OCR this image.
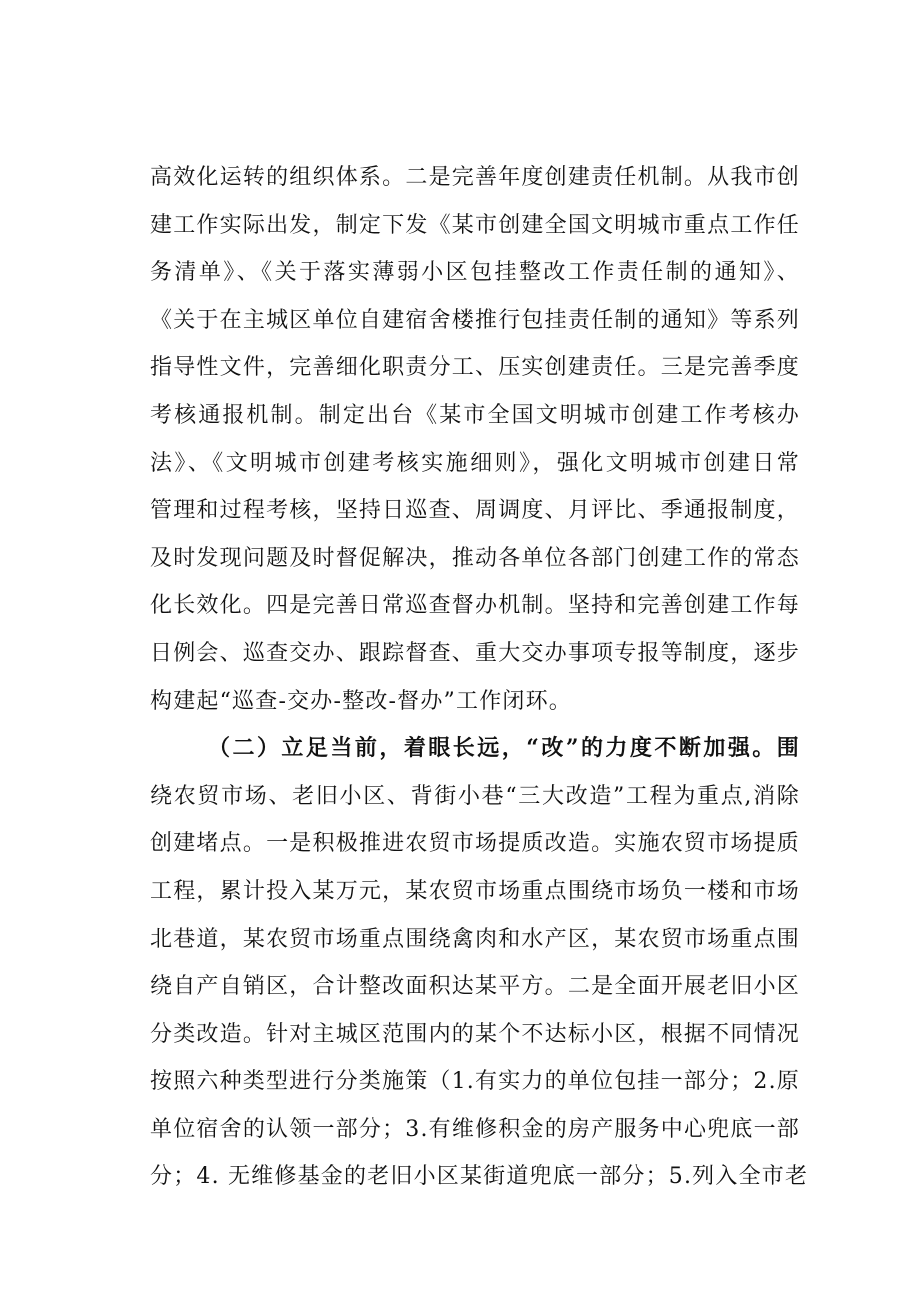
高效化运转的组织体系。二是完善年度创建责任机制。从我市创
建工作实际出发，制定下发《某市创建全国文明城市重点工作任
务清单》、《关于落实薄弱小区包挂整改工作责任制的通知》、
《关于在主城区单位自建宿舍楼推行包挂责任制的通知》等系列
指导性文件，完善细化职责分工、压实创建责任。三是完善季度
考核通报机制。制定出台《某市全国文明城市创建工作考核办
法》、《文明城市创建考核实施细则》，强化文明城市创建日常
管理和过程考核，坚持日巡查、周调度、月评比、季通报制度，
及时发现问题及时督促解决，推动各单位各部门创建工作的常态
化长效化。四是完善日常巡查督办机制。坚持和完善创建工作每
日例会、巡查交办、跟踪督查、重大交办事项专报等制度，逐步
构建起“巡查-交办-整改-督办”工作闭环。
（二）立足当前，着眼长远，“改”的力度不断加强。围
绕农贸市场、老旧小区、背街小巷“三大改造”工程为重点,消除
创建堵点。一是积极推进农贸市场提质改造。实施农贸市场提质
工程，累计投入某万元，某农贸市场重点围绕市场负一楼和市场
北巷道，某农贸市场重点围绕禽肉和水产区，某农贸市场重点围
绕自产自销区，合计整改面积达某平方。二是全面开展老旧小区
分类改造。针对主城区范围内的某个不达标小区，根据不同情况
按照六种类型进行分类施策（1.有实力的单位包挂一部分；2.原
单位宿舍的认领一部分；3.有维修积金的房产服务中心兜底一部
分；4. 无维修基金的老旧小区某街道兜底一部分；5.列入全市老
